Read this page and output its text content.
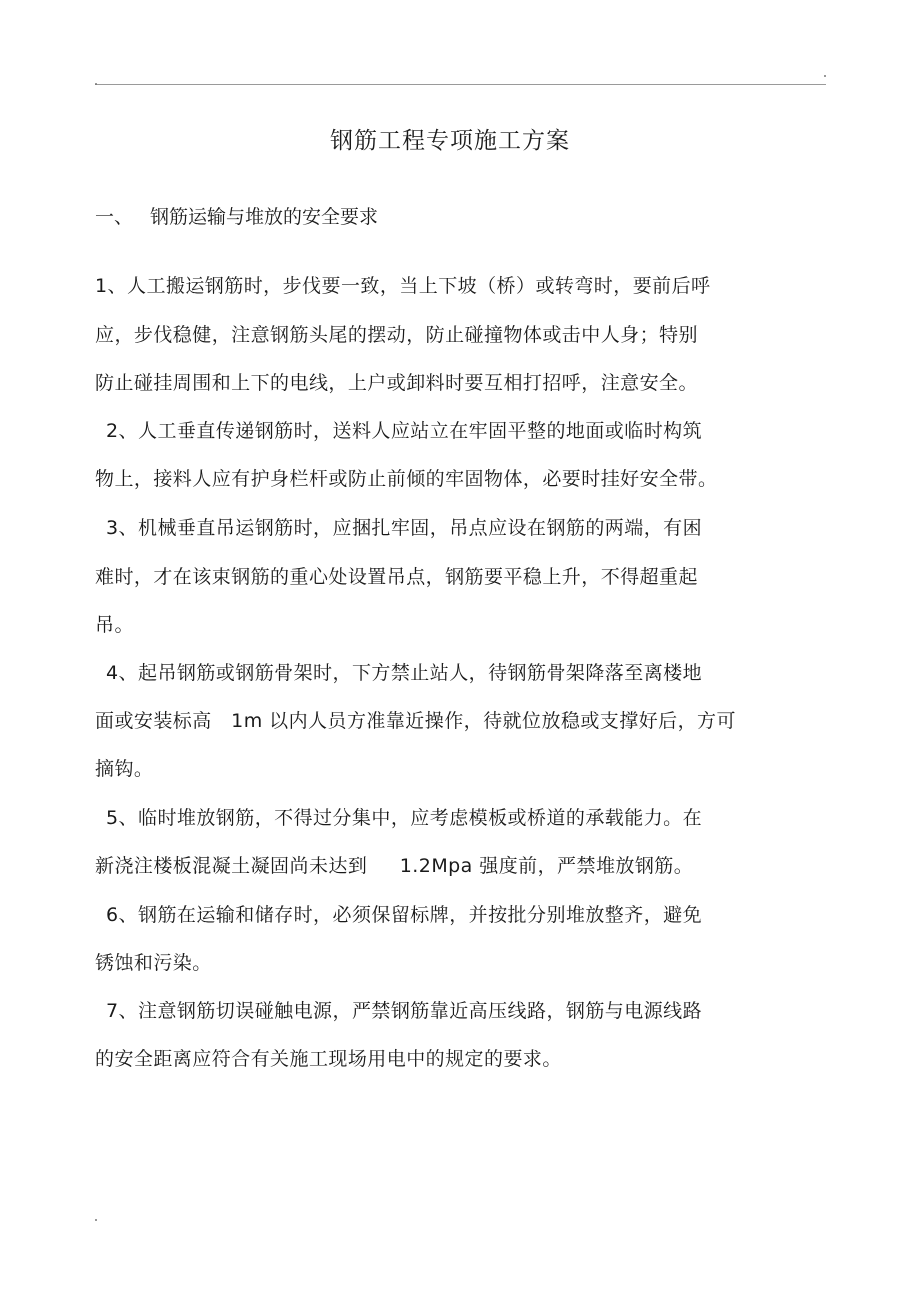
钢筋工程专项施工方案
一、 钢筋运输与堆放的安全要求
1、人工搬运钢筋时，步伐要一致，当上下坡（桥）或转弯时，要前后呼
应，步伐稳健，注意钢筋头尾的摆动，防止碰撞物体或击中人身；特别
防止碰挂周围和上下的电线，上户或卸料时要互相打招呼，注意安全。
2、人工垂直传递钢筋时，送料人应站立在牢固平整的地面或临时构筑
物上，接料人应有护身栏杆或防止前倾的牢固物体，必要时挂好安全带。
3、机械垂直吊运钢筋时，应捆扎牢固，吊点应设在钢筋的两端，有困
难时，才在该束钢筋的重心处设置吊点，钢筋要平稳上升，不得超重起
吊。
4、起吊钢筋或钢筋骨架时，下方禁止站人，待钢筋骨架降落至离楼地
面或安装标高   1m 以内人员方准靠近操作，待就位放稳或支撑好后，方可
摘钩。
5、临时堆放钢筋，不得过分集中，应考虑模板或桥道的承载能力。在
新浇注楼板混凝土凝固尚未达到     1.2Mpa 强度前，严禁堆放钢筋。
6、钢筋在运输和储存时，必须保留标牌，并按批分别堆放整齐，避免
锈蚀和污染。
7、注意钢筋切误碰触电源，严禁钢筋靠近高压线路，钢筋与电源线路
的安全距离应符合有关施工现场用电中的规定的要求。
